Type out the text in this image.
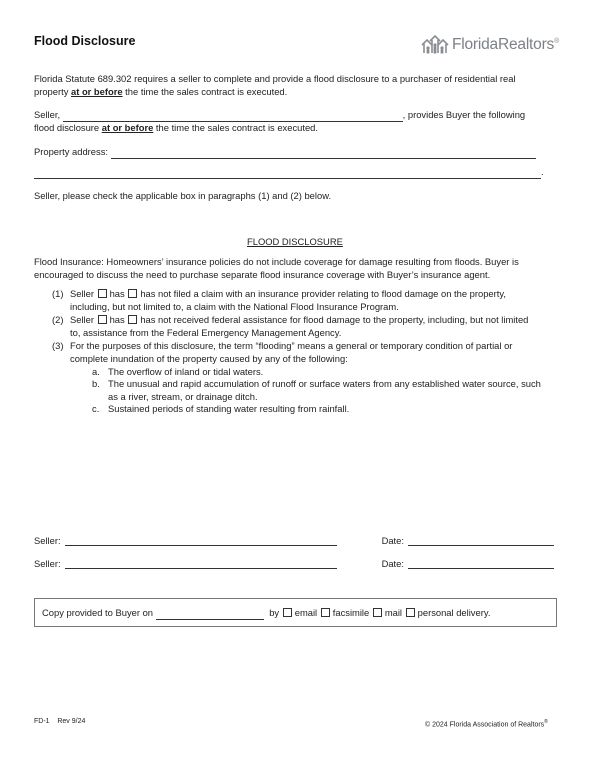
Flood Disclosure	FloridaRealtors®
Florida Statute 689.302 requires a seller to complete and provide a flood disclosure to a purchaser of residential real
property at or before the time the sales contract is executed.
Seller,	, provides Buyer the following
flood disclosure at or before the time the sales contract is executed.
Property address:
.
Seller, please check the applicable box in paragraphs (1) and (2) below.
FLOOD DISCLOSURE
Flood Insurance: Homeowners’ insurance policies do not include coverage for damage resulting from floods. Buyer is
encouraged to discuss the need to purchase separate flood insurance coverage with Buyer’s insurance agent.
(1) Seller has has not filed a claim with an insurance provider relating to flood damage on the property,
including, but not limited to, a claim with the National Flood Insurance Program.
(2) Seller has has not received federal assistance for flood damage to the property, including, but not limited
to, assistance from the Federal Emergency Management Agency.
(3) For the purposes of this disclosure, the term “flooding” means a general or temporary condition of partial or
complete inundation of the property caused by any of the following:
a. The overflow of inland or tidal waters.
b. The unusual and rapid accumulation of runoff or surface waters from any established water source, such
as a river, stream, or drainage ditch.
c. Sustained periods of standing water resulting from rainfall.
Seller:	Date:
Seller:	Date:
Copy provided to Buyer on	by email facsimile mail personal delivery.
FD-1 Rev 9/24	© 2024 Florida Association of Realtors®
